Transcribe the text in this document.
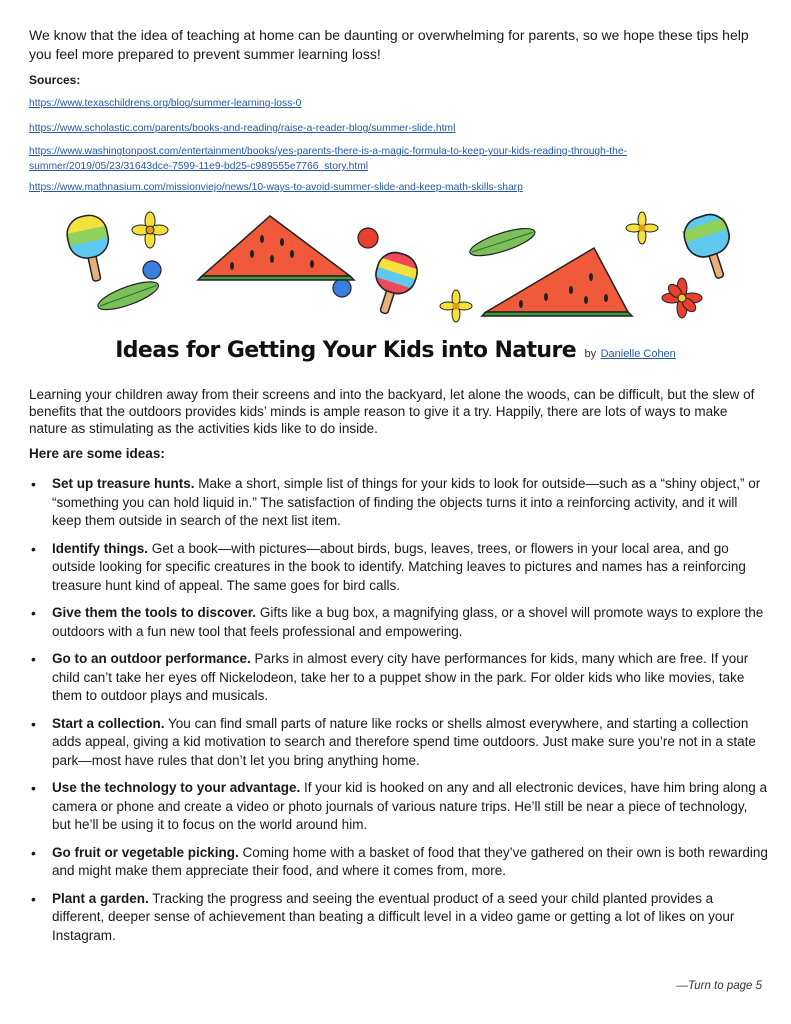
We know that the idea of teaching at home can be daunting or overwhelming for parents, so we hope these tips help you feel more prepared to prevent summer learning loss!

Sources:

https://www.texaschildrens.org/blog/summer-learning-loss-0
https://www.scholastic.com/parents/books-and-reading/raise-a-reader-blog/summer-slide.html
https://www.washingtonpost.com/entertainment/books/yes-parents-there-is-a-magic-formula-to-keep-your-kids-reading-through-the-summer/2019/05/23/31643dce-7599-11e9-bd25-c989555e7766_story.html
https://www.mathnasium.com/missionviejo/news/10-ways-to-avoid-summer-slide-and-keep-math-skills-sharp
Ideas for Getting Your Kids into Nature by Danielle Cohen

Learning your children away from their screens and into the backyard, let alone the woods, can be difficult, but the slew of benefits that the outdoors provides kids’ minds is ample reason to give it a try. Happily, there are lots of ways to make nature as stimulating as the activities kids like to do inside.

Here are some ideas:

• Set up treasure hunts. Make a short, simple list of things for your kids to look for outside—such as a “shiny object,” or “something you can hold liquid in.” The satisfaction of finding the objects turns it into a reinforcing activity, and it will keep them outside in search of the next list item.
• Identify things. Get a book—with pictures—about birds, bugs, leaves, trees, or flowers in your local area, and go outside looking for specific creatures in the book to identify. Matching leaves to pictures and names has a reinforcing treasure hunt kind of appeal. The same goes for bird calls.
• Give them the tools to discover. Gifts like a bug box, a magnifying glass, or a shovel will promote ways to explore the outdoors with a fun new tool that feels professional and empowering.
• Go to an outdoor performance. Parks in almost every city have performances for kids, many which are free. If your child can’t take her eyes off Nickelodeon, take her to a puppet show in the park. For older kids who like movies, take them to outdoor plays and musicals.
• Start a collection. You can find small parts of nature like rocks or shells almost everywhere, and starting a collection adds appeal, giving a kid motivation to search and therefore spend time outdoors. Just make sure you’re not in a state park—most have rules that don’t let you bring anything home.
• Use the technology to your advantage. If your kid is hooked on any and all electronic devices, have him bring along a camera or phone and create a video or photo journals of various nature trips. He’ll still be near a piece of technology, but he’ll be using it to focus on the world around him.
• Go fruit or vegetable picking. Coming home with a basket of food that they’ve gathered on their own is both rewarding and might make them appreciate their food, and where it comes from, more.
• Plant a garden. Tracking the progress and seeing the eventual product of a seed your child planted provides a different, deeper sense of achievement than beating a difficult level in a video game or getting a lot of likes on your Instagram.
—Turn to page 5
